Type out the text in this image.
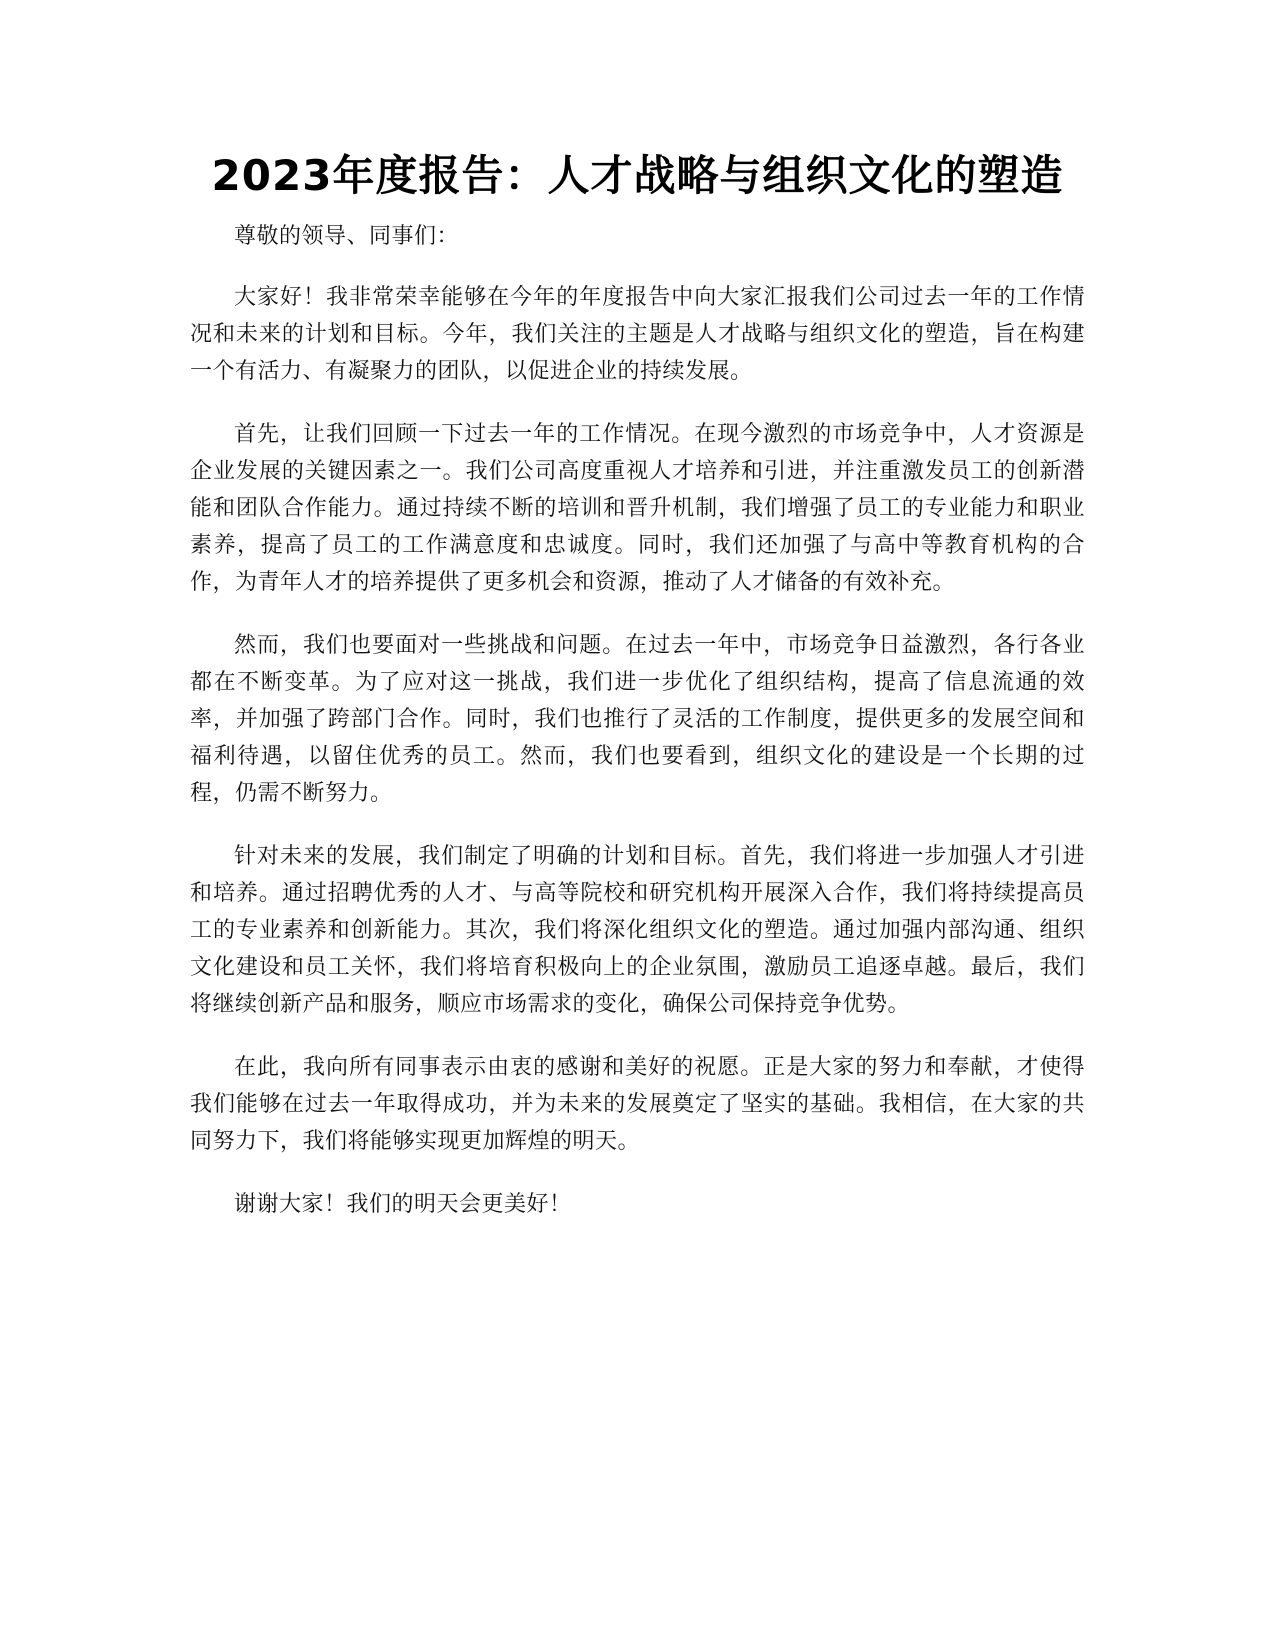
2023年度报告：人才战略与组织文化的塑造

尊敬的领导、同事们：

大家好！我非常荣幸能够在今年的年度报告中向大家汇报我们公司过去一年的工作情况和未来的计划和目标。今年，我们关注的主题是人才战略与组织文化的塑造，旨在构建一个有活力、有凝聚力的团队，以促进企业的持续发展。

首先，让我们回顾一下过去一年的工作情况。在现今激烈的市场竞争中，人才资源是企业发展的关键因素之一。我们公司高度重视人才培养和引进，并注重激发员工的创新潜能和团队合作能力。通过持续不断的培训和晋升机制，我们增强了员工的专业能力和职业素养，提高了员工的工作满意度和忠诚度。同时，我们还加强了与高中等教育机构的合作，为青年人才的培养提供了更多机会和资源，推动了人才储备的有效补充。

然而，我们也要面对一些挑战和问题。在过去一年中，市场竞争日益激烈，各行各业都在不断变革。为了应对这一挑战，我们进一步优化了组织结构，提高了信息流通的效率，并加强了跨部门合作。同时，我们也推行了灵活的工作制度，提供更多的发展空间和福利待遇，以留住优秀的员工。然而，我们也要看到，组织文化的建设是一个长期的过程，仍需不断努力。

针对未来的发展，我们制定了明确的计划和目标。首先，我们将进一步加强人才引进和培养。通过招聘优秀的人才、与高等院校和研究机构开展深入合作，我们将持续提高员工的专业素养和创新能力。其次，我们将深化组织文化的塑造。通过加强内部沟通、组织文化建设和员工关怀，我们将培育积极向上的企业氛围，激励员工追逐卓越。最后，我们将继续创新产品和服务，顺应市场需求的变化，确保公司保持竞争优势。

在此，我向所有同事表示由衷的感谢和美好的祝愿。正是大家的努力和奉献，才使得我们能够在过去一年取得成功，并为未来的发展奠定了坚实的基础。我相信，在大家的共同努力下，我们将能够实现更加辉煌的明天。

谢谢大家！我们的明天会更美好！
